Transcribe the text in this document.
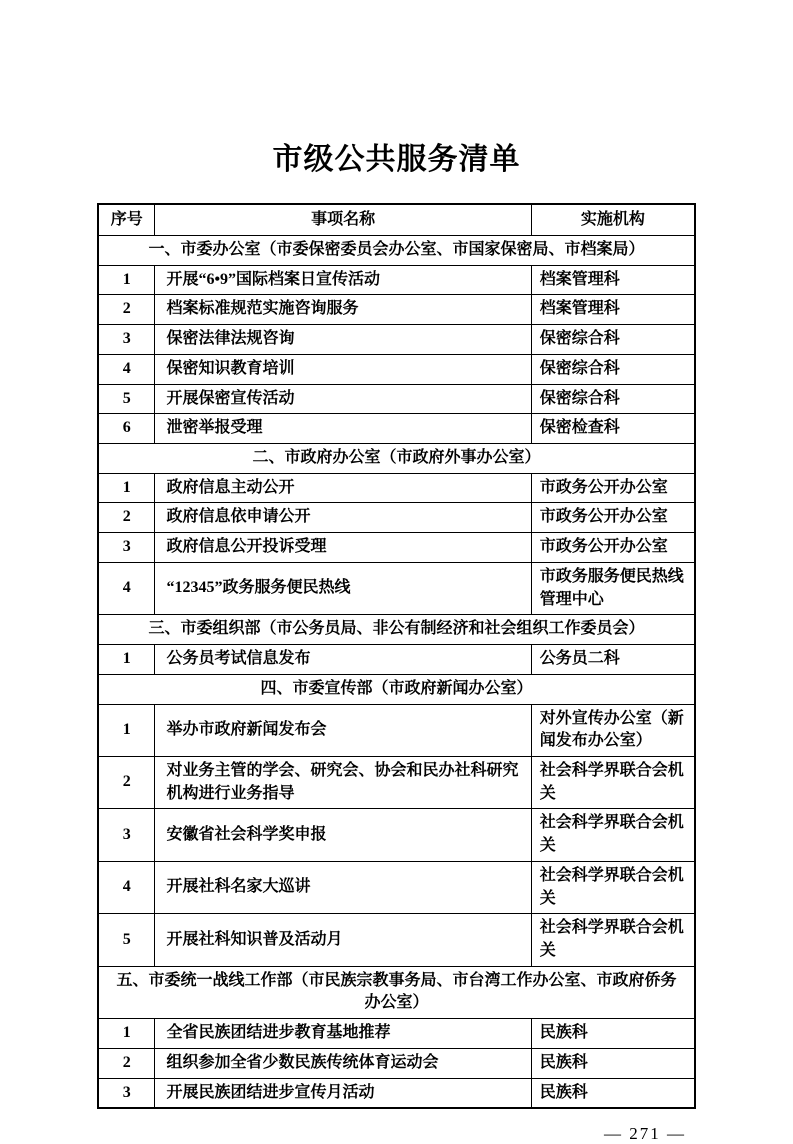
市级公共服务清单
序号	事项名称	实施机构
一、市委办公室（市委保密委员会办公室、市国家保密局、市档案局）		
1	开展“6•9”国际档案日宣传活动	档案管理科
2	档案标准规范实施咨询服务	档案管理科
3	保密法律法规咨询	保密综合科
4	保密知识教育培训	保密综合科
5	开展保密宣传活动	保密综合科
6	泄密举报受理	保密检查科
二、市政府办公室（市政府外事办公室）		
1	政府信息主动公开	市政务公开办公室
2	政府信息依申请公开	市政务公开办公室
3	政府信息公开投诉受理	市政务公开办公室
4	“12345”政务服务便民热线	市政务服务便民热线管理中心
三、市委组织部（市公务员局、非公有制经济和社会组织工作委员会）		
1	公务员考试信息发布	公务员二科
四、市委宣传部（市政府新闻办公室）		
1	举办市政府新闻发布会	对外宣传办公室（新闻发布办公室）
2	对业务主管的学会、研究会、协会和民办社科研究机构进行业务指导	社会科学界联合会机关
3	安徽省社会科学奖申报	社会科学界联合会机关
4	开展社科名家大巡讲	社会科学界联合会机关
5	开展社科知识普及活动月	社会科学界联合会机关
五、市委统一战线工作部（市民族宗教事务局、市台湾工作办公室、市政府侨务办公室）		
1	全省民族团结进步教育基地推荐	民族科
2	组织参加全省少数民族传统体育运动会	民族科
3	开展民族团结进步宣传月活动	民族科
— 271 —
